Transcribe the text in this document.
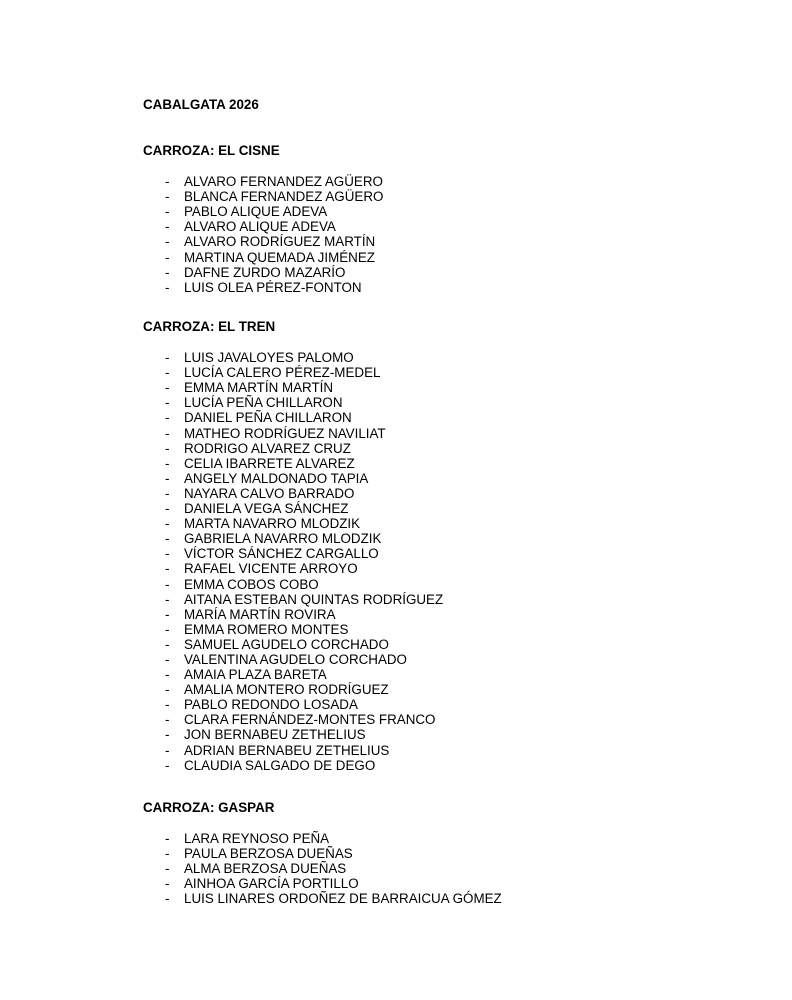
CABALGATA 2026
CARROZA: EL CISNE
-	ALVARO FERNANDEZ AGÜERO
-	BLANCA FERNANDEZ AGÜERO
-	PABLO ALIQUE ADEVA
-	ALVARO ALIQUE ADEVA
-	ALVARO RODRÍGUEZ MARTÍN
-	MARTINA QUEMADA JIMÉNEZ
-	DAFNE ZURDO MAZARÍO
-	LUIS OLEA PÉREZ-FONTON
CARROZA: EL TREN
-	LUIS JAVALOYES PALOMO
-	LUCÍA CALERO PÉREZ-MEDEL
-	EMMA MARTÍN MARTÍN
-	LUCÍA PEÑA CHILLARON
-	DANIEL PEÑA CHILLARON
-	MATHEO RODRÍGUEZ NAVILIAT
-	RODRIGO ALVAREZ CRUZ
-	CELIA IBARRETE ALVAREZ
-	ANGELY MALDONADO TAPIA
-	NAYARA CALVO BARRADO
-	DANIELA VEGA SÁNCHEZ
-	MARTA NAVARRO MLODZIK
-	GABRIELA NAVARRO MLODZIK
-	VÍCTOR SÁNCHEZ CARGALLO
-	RAFAEL VICENTE ARROYO
-	EMMA COBOS COBO
-	AITANA ESTEBAN QUINTAS RODRÍGUEZ
-	MARÍA MARTÍN ROVIRA
-	EMMA ROMERO MONTES
-	SAMUEL AGUDELO CORCHADO
-	VALENTINA AGUDELO CORCHADO
-	AMAIA PLAZA BARETA
-	AMALIA MONTERO RODRÍGUEZ
-	PABLO REDONDO LOSADA
-	CLARA FERNÁNDEZ-MONTES FRANCO
-	JON BERNABEU ZETHELIUS
-	ADRIAN BERNABEU ZETHELIUS
-	CLAUDIA SALGADO DE DEGO
CARROZA: GASPAR
-	LARA REYNOSO PEÑA
-	PAULA BERZOSA DUEÑAS
-	ALMA BERZOSA DUEÑAS
-	AINHOA GARCÍA PORTILLO
-	LUIS LINARES ORDOÑEZ DE BARRAICUA GÓMEZ
